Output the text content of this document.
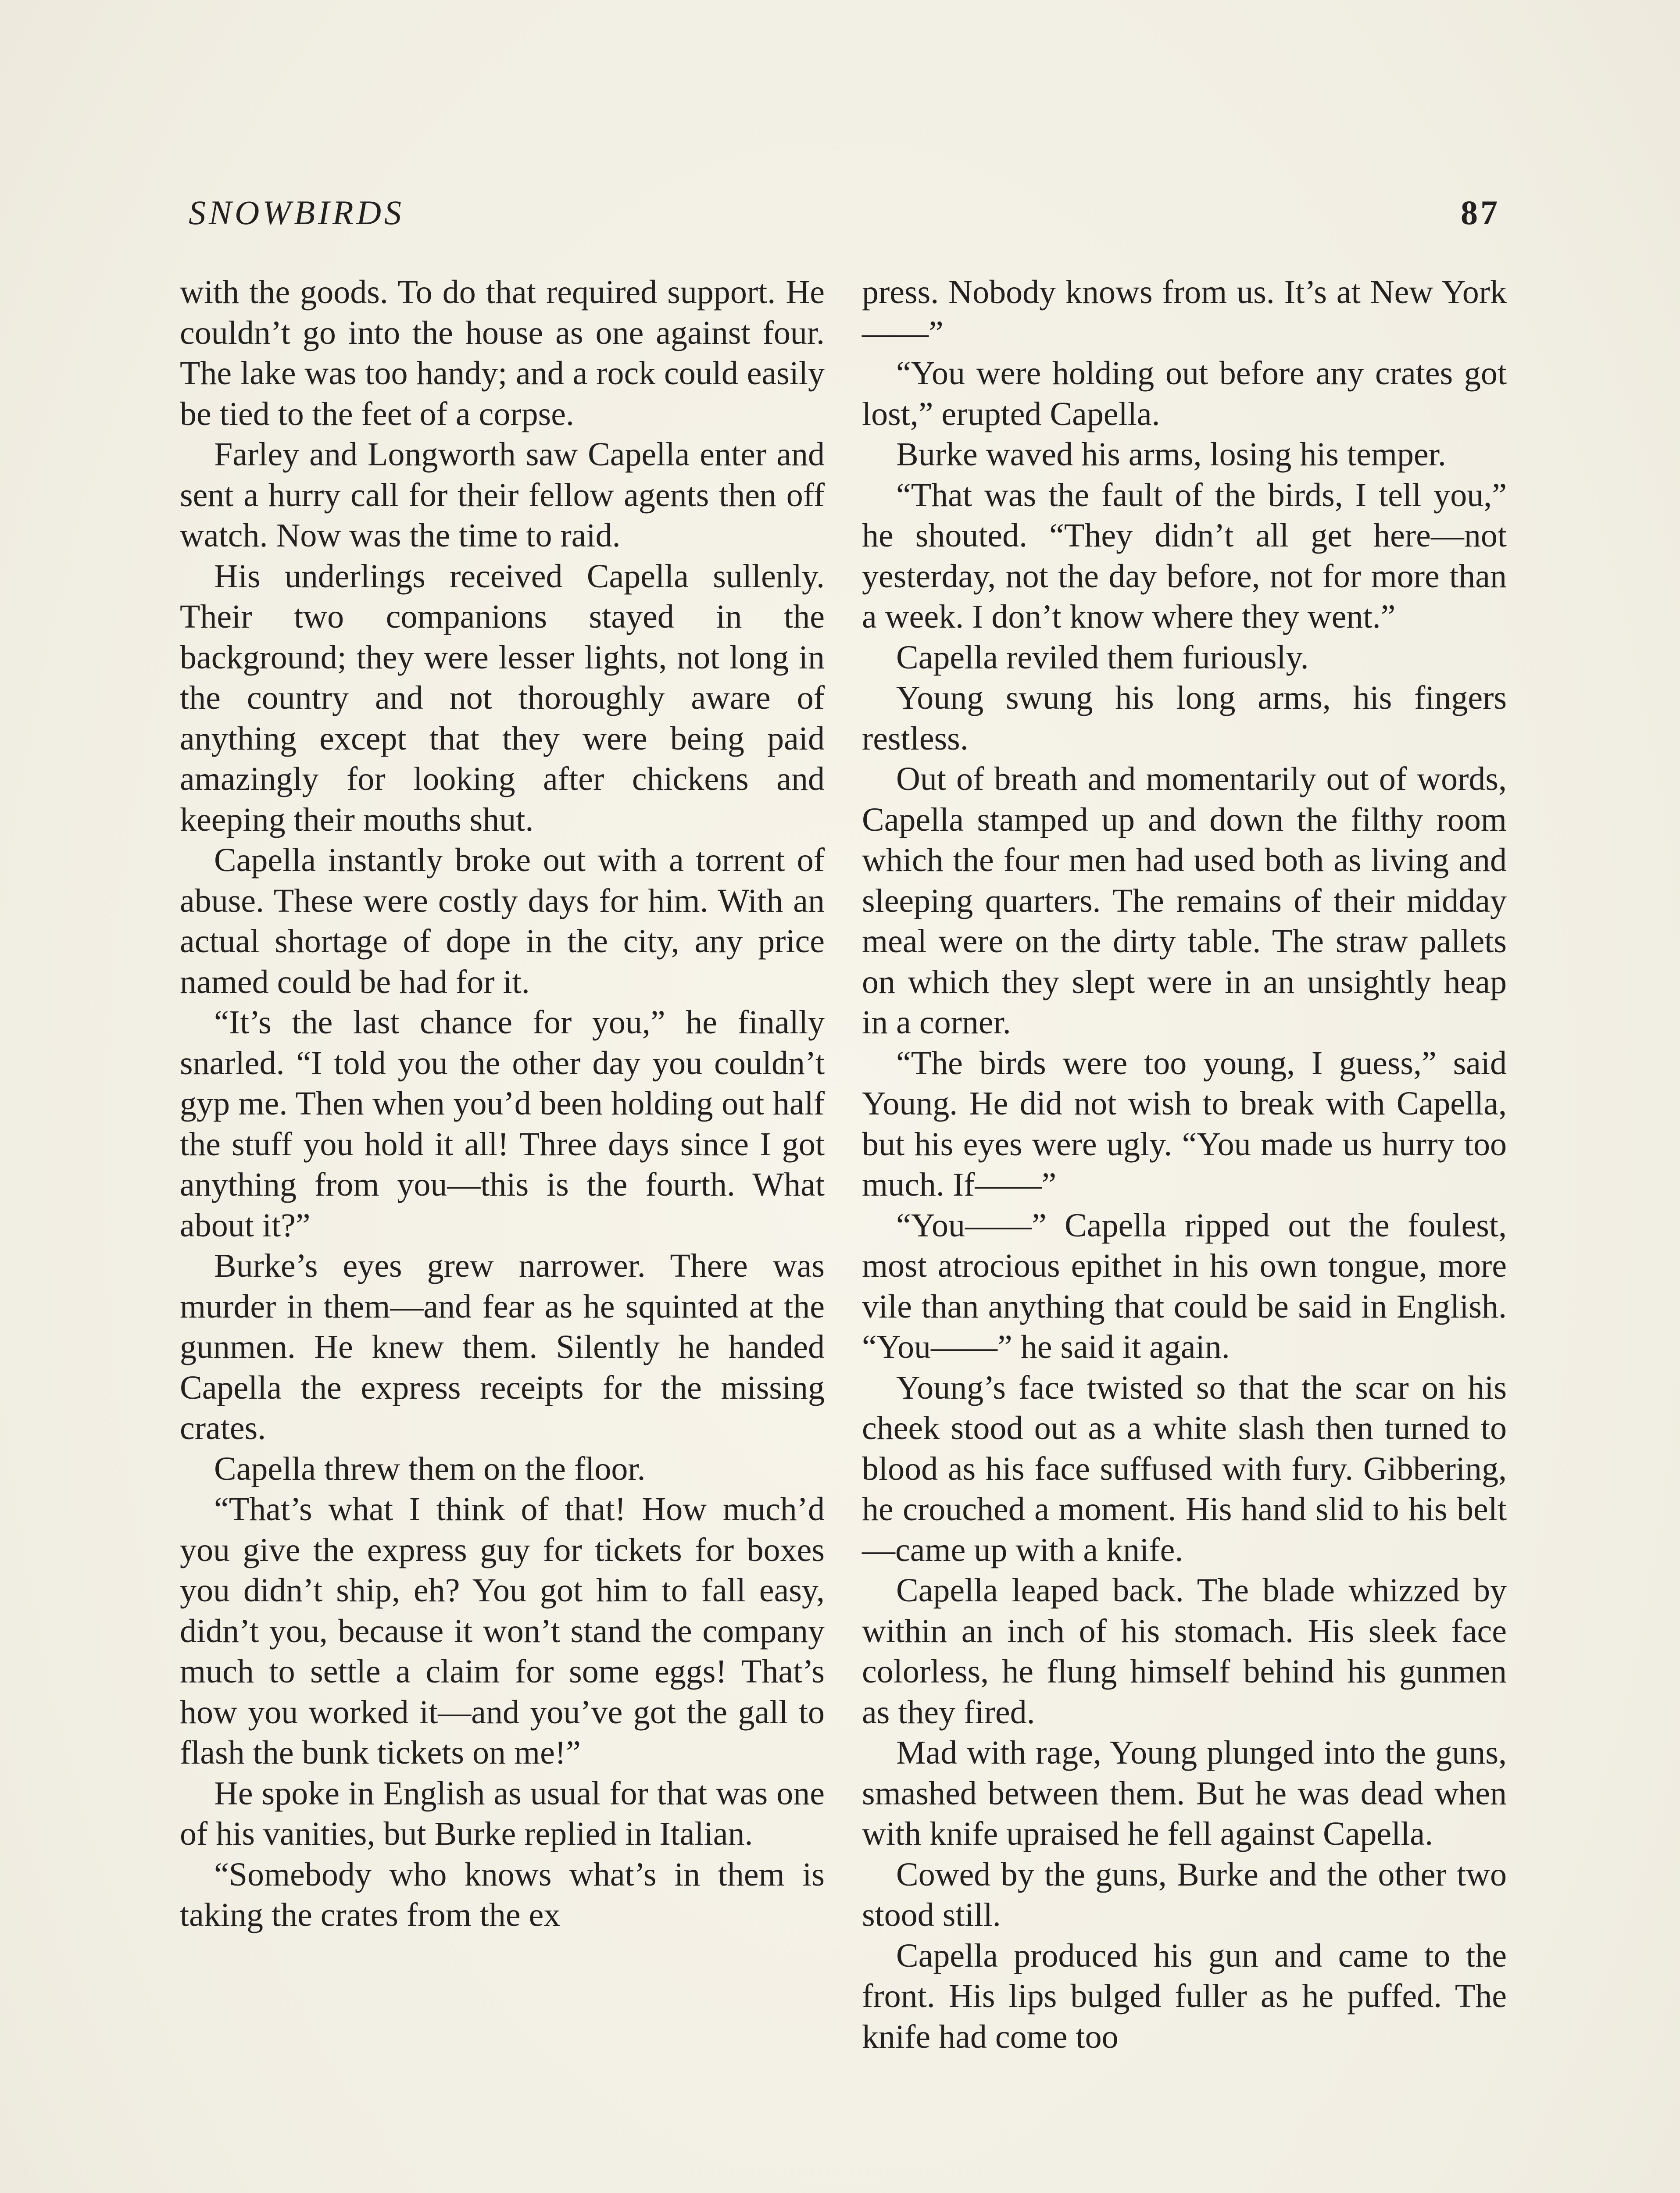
SNOWBIRDS	87

with the goods. To do that required support. He couldn’t go into the house as one against four. The lake was too handy; and a rock could easily be tied to the feet of a corpse.

Farley and Longworth saw Capella enter and sent a hurry call for their fellow agents then off watch. Now was the time to raid.

His underlings received Capella sullenly. Their two companions stayed in the background; they were lesser lights, not long in the country and not thoroughly aware of anything except that they were being paid amazingly for looking after chickens and keeping their mouths shut.

Capella instantly broke out with a torrent of abuse. These were costly days for him. With an actual shortage of dope in the city, any price named could be had for it.

“It’s the last chance for you,” he finally snarled. “I told you the other day you couldn’t gyp me. Then when you’d been holding out half the stuff you hold it all! Three days since I got anything from you—this is the fourth. What about it?”

Burke’s eyes grew narrower. There was murder in them—and fear as he squinted at the gunmen. He knew them. Silently he handed Capella the express receipts for the missing crates.

Capella threw them on the floor.

“That’s what I think of that! How much’d you give the express guy for tickets for boxes you didn’t ship, eh? You got him to fall easy, didn’t you, because it won’t stand the company much to settle a claim for some eggs! That’s how you worked it—and you’ve got the gall to flash the bunk tickets on me!”

He spoke in English as usual for that was one of his vanities, but Burke replied in Italian.

“Somebody who knows what’s in them is taking the crates from the ex

press. Nobody knows from us. It’s at New York——”

“You were holding out before any crates got lost,” erupted Capella.

Burke waved his arms, losing his temper.

“That was the fault of the birds, I tell you,” he shouted. “They didn’t all get here—not yesterday, not the day before, not for more than a week. I don’t know where they went.”

Capella reviled them furiously.

Young swung his long arms, his fingers restless.

Out of breath and momentarily out of words, Capella stamped up and down the filthy room which the four men had used both as living and sleeping quarters. The remains of their midday meal were on the dirty table. The straw pallets on which they slept were in an unsightly heap in a corner.

“The birds were too young, I guess,” said Young. He did not wish to break with Capella, but his eyes were ugly. “You made us hurry too much. If——”

“You——” Capella ripped out the foulest, most atrocious epithet in his own tongue, more vile than anything that could be said in English. “You——” he said it again.

Young’s face twisted so that the scar on his cheek stood out as a white slash then turned to blood as his face suffused with fury. Gibbering, he crouched a moment. His hand slid to his belt—came up with a knife.

Capella leaped back. The blade whizzed by within an inch of his stomach. His sleek face colorless, he flung himself behind his gunmen as they fired.

Mad with rage, Young plunged into the guns, smashed between them. But he was dead when with knife upraised he fell against Capella.

Cowed by the guns, Burke and the other two stood still.

Capella produced his gun and came to the front. His lips bulged fuller as he puffed. The knife had come too
